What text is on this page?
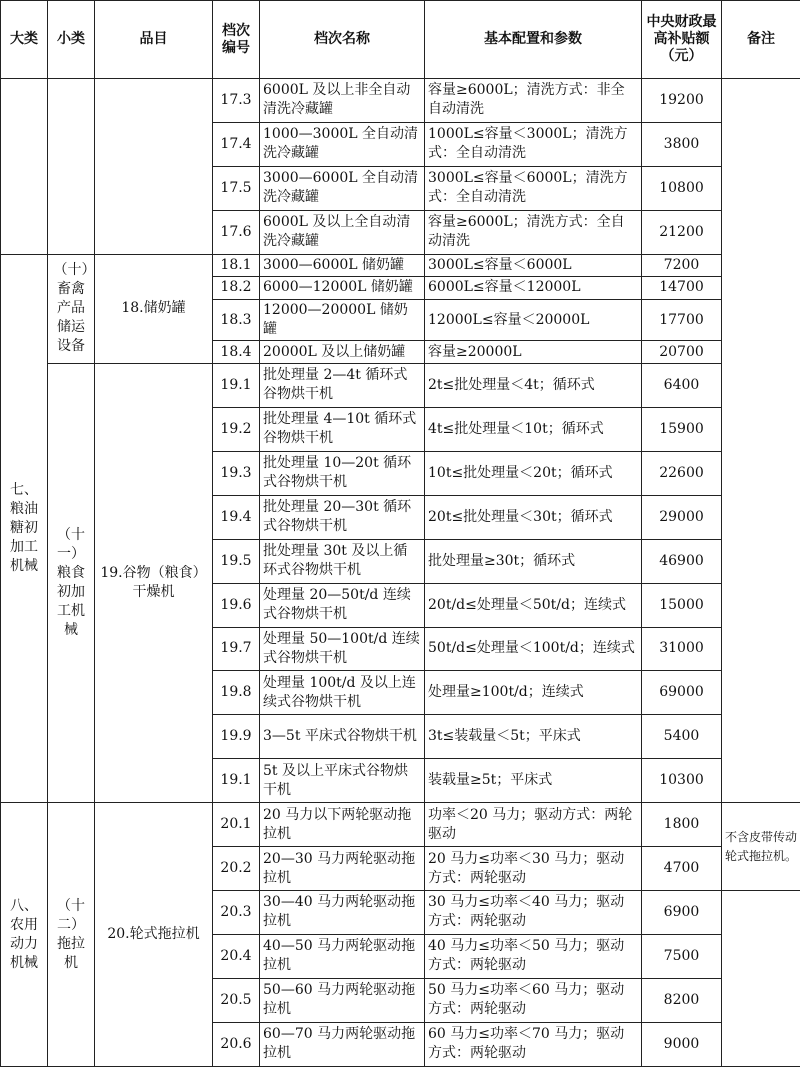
大类	小类	品目	档次编号	档次名称	基本配置和参数	中央财政最高补贴额（元）	备注
			17.3	6000L 及以上非全自动清洗冷藏罐	容量≥6000L；清洗方式：非全自动清洗	19200	
			17.4	1000—3000L 全自动清洗冷藏罐	1000L≤容量＜3000L；清洗方式：全自动清洗	3800	
			17.5	3000—6000L 全自动清洗冷藏罐	3000L≤容量＜6000L；清洗方式：全自动清洗	10800	
			17.6	6000L 及以上全自动清洗冷藏罐	容量≥6000L；清洗方式：全自动清洗	21200	
七、粮油糖初加工机械	（十）畜禽产品储运设备	18.储奶罐	18.1	3000—6000L 储奶罐	3000L≤容量＜6000L	7200	
			18.2	6000—12000L 储奶罐	6000L≤容量＜12000L	14700	
			18.3	12000—20000L 储奶罐	12000L≤容量＜20000L	17700	
			18.4	20000L 及以上储奶罐	容量≥20000L	20700	
	（十一）粮食初加工机械	19.谷物（粮食）干燥机	19.1	批处理量 2—4t 循环式谷物烘干机	2t≤批处理量＜4t；循环式	6400	
			19.2	批处理量 4—10t 循环式谷物烘干机	4t≤批处理量＜10t；循环式	15900	
			19.3	批处理量 10—20t 循环式谷物烘干机	10t≤批处理量＜20t；循环式	22600	
			19.4	批处理量 20—30t 循环式谷物烘干机	20t≤批处理量＜30t；循环式	29000	
			19.5	批处理量 30t 及以上循环式谷物烘干机	批处理量≥30t；循环式	46900	
			19.6	处理量 20—50t/d 连续式谷物烘干机	20t/d≤处理量＜50t/d；连续式	15000	
			19.7	处理量 50—100t/d 连续式谷物烘干机	50t/d≤处理量＜100t/d；连续式	31000	
			19.8	处理量 100t/d 及以上连续式谷物烘干机	处理量≥100t/d；连续式	69000	
			19.9	3—5t 平床式谷物烘干机	3t≤装载量＜5t；平床式	5400	
			19.1	5t 及以上平床式谷物烘干机	装载量≥5t；平床式	10300	
八、农用动力机械	（十二）拖拉机	20.轮式拖拉机	20.1	20 马力以下两轮驱动拖拉机	功率＜20 马力；驱动方式：两轮驱动	1800	不含皮带传动轮式拖拉机。
			20.2	20—30 马力两轮驱动拖拉机	20 马力≤功率＜30 马力；驱动方式：两轮驱动	4700	
			20.3	30—40 马力两轮驱动拖拉机	30 马力≤功率＜40 马力；驱动方式：两轮驱动	6900	
			20.4	40—50 马力两轮驱动拖拉机	40 马力≤功率＜50 马力；驱动方式：两轮驱动	7500	
			20.5	50—60 马力两轮驱动拖拉机	50 马力≤功率＜60 马力；驱动方式：两轮驱动	8200	
			20.6	60—70 马力两轮驱动拖拉机	60 马力≤功率＜70 马力；驱动方式：两轮驱动	9000	
